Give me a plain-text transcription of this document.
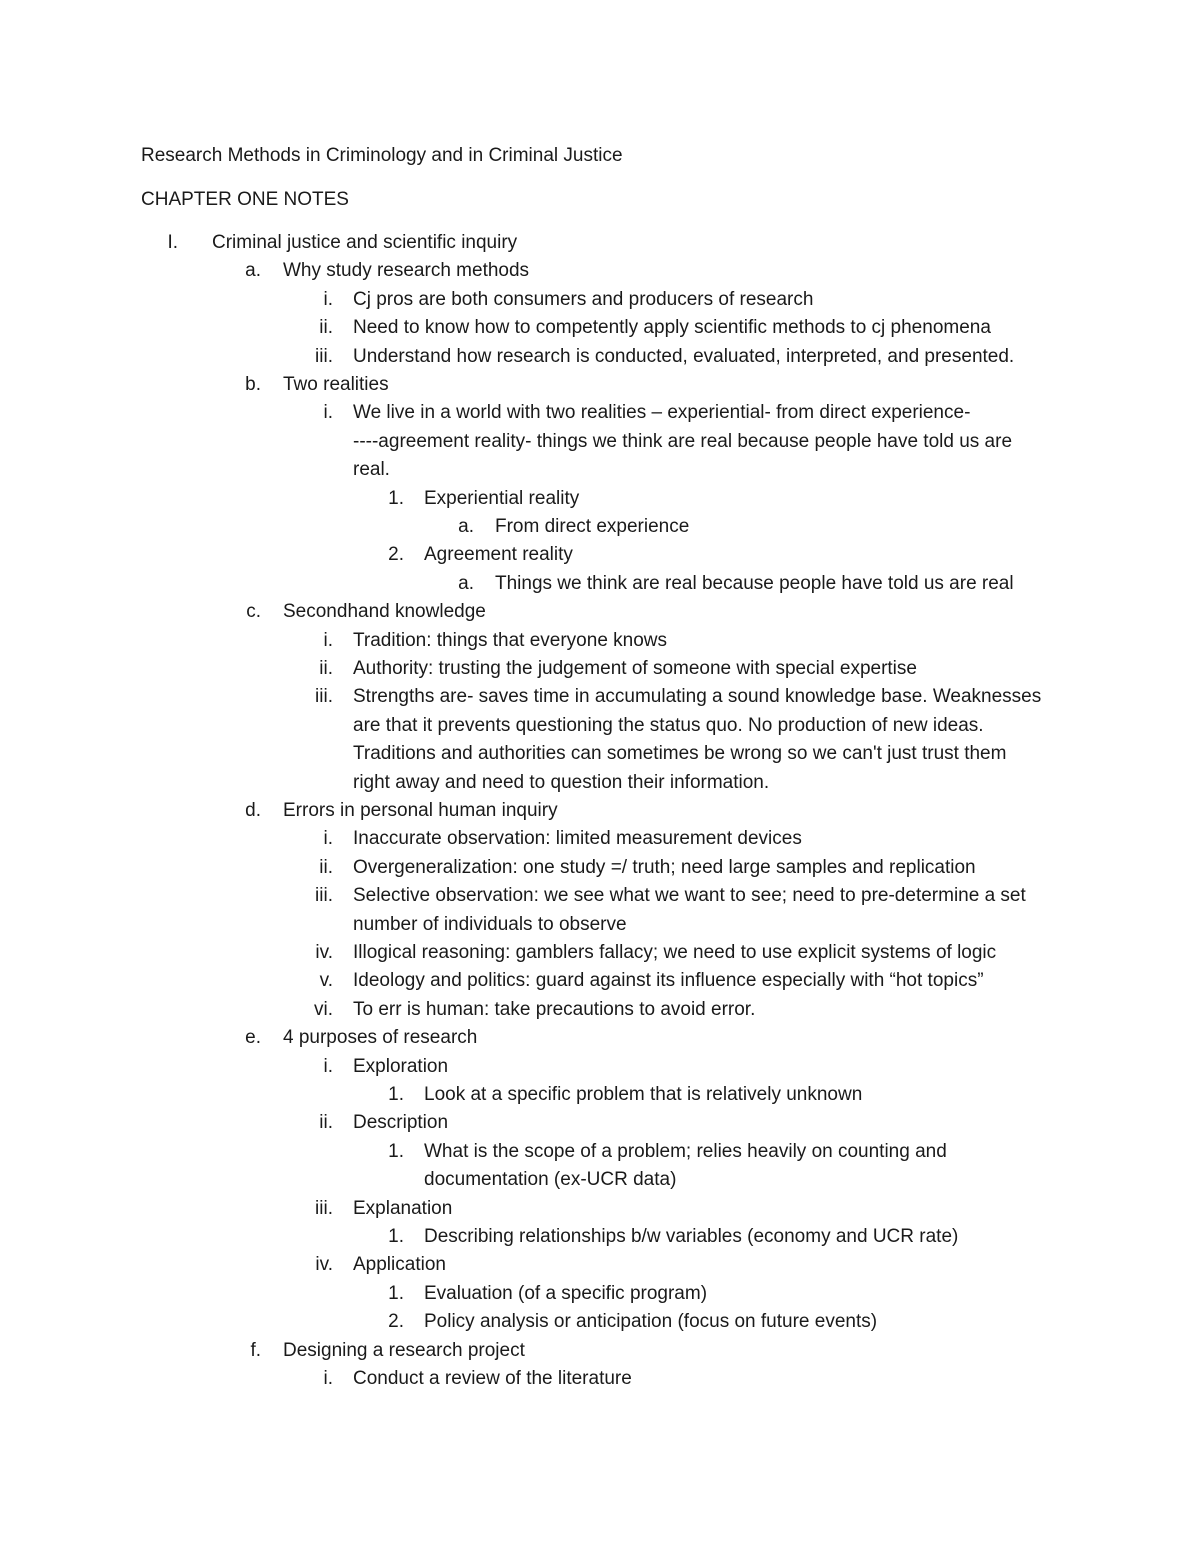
Research Methods in Criminology and in Criminal Justice
CHAPTER ONE NOTES
I. Criminal justice and scientific inquiry
a. Why study research methods
i. Cj pros are both consumers and producers of research
ii. Need to know how to competently apply scientific methods to cj phenomena
iii. Understand how research is conducted, evaluated, interpreted, and presented.
b. Two realities
i. We live in a world with two realities – experiential- from direct experience-
----agreement reality- things we think are real because people have told us are
real.
1. Experiential reality
a. From direct experience
2. Agreement reality
a. Things we think are real because people have told us are real
c. Secondhand knowledge
i. Tradition: things that everyone knows
ii. Authority: trusting the judgement of someone with special expertise
iii. Strengths are- saves time in accumulating a sound knowledge base. Weaknesses
are that it prevents questioning the status quo. No production of new ideas.
Traditions and authorities can sometimes be wrong so we can't just trust them
right away and need to question their information.
d. Errors in personal human inquiry
i. Inaccurate observation: limited measurement devices
ii. Overgeneralization: one study =/ truth; need large samples and replication
iii. Selective observation: we see what we want to see; need to pre-determine a set
number of individuals to observe
iv. Illogical reasoning: gamblers fallacy; we need to use explicit systems of logic
v. Ideology and politics: guard against its influence especially with “hot topics”
vi. To err is human: take precautions to avoid error.
e. 4 purposes of research
i. Exploration
1. Look at a specific problem that is relatively unknown
ii. Description
1. What is the scope of a problem; relies heavily on counting and
documentation (ex-UCR data)
iii. Explanation
1. Describing relationships b/w variables (economy and UCR rate)
iv. Application
1. Evaluation (of a specific program)
2. Policy analysis or anticipation (focus on future events)
f. Designing a research project
i. Conduct a review of the literature
